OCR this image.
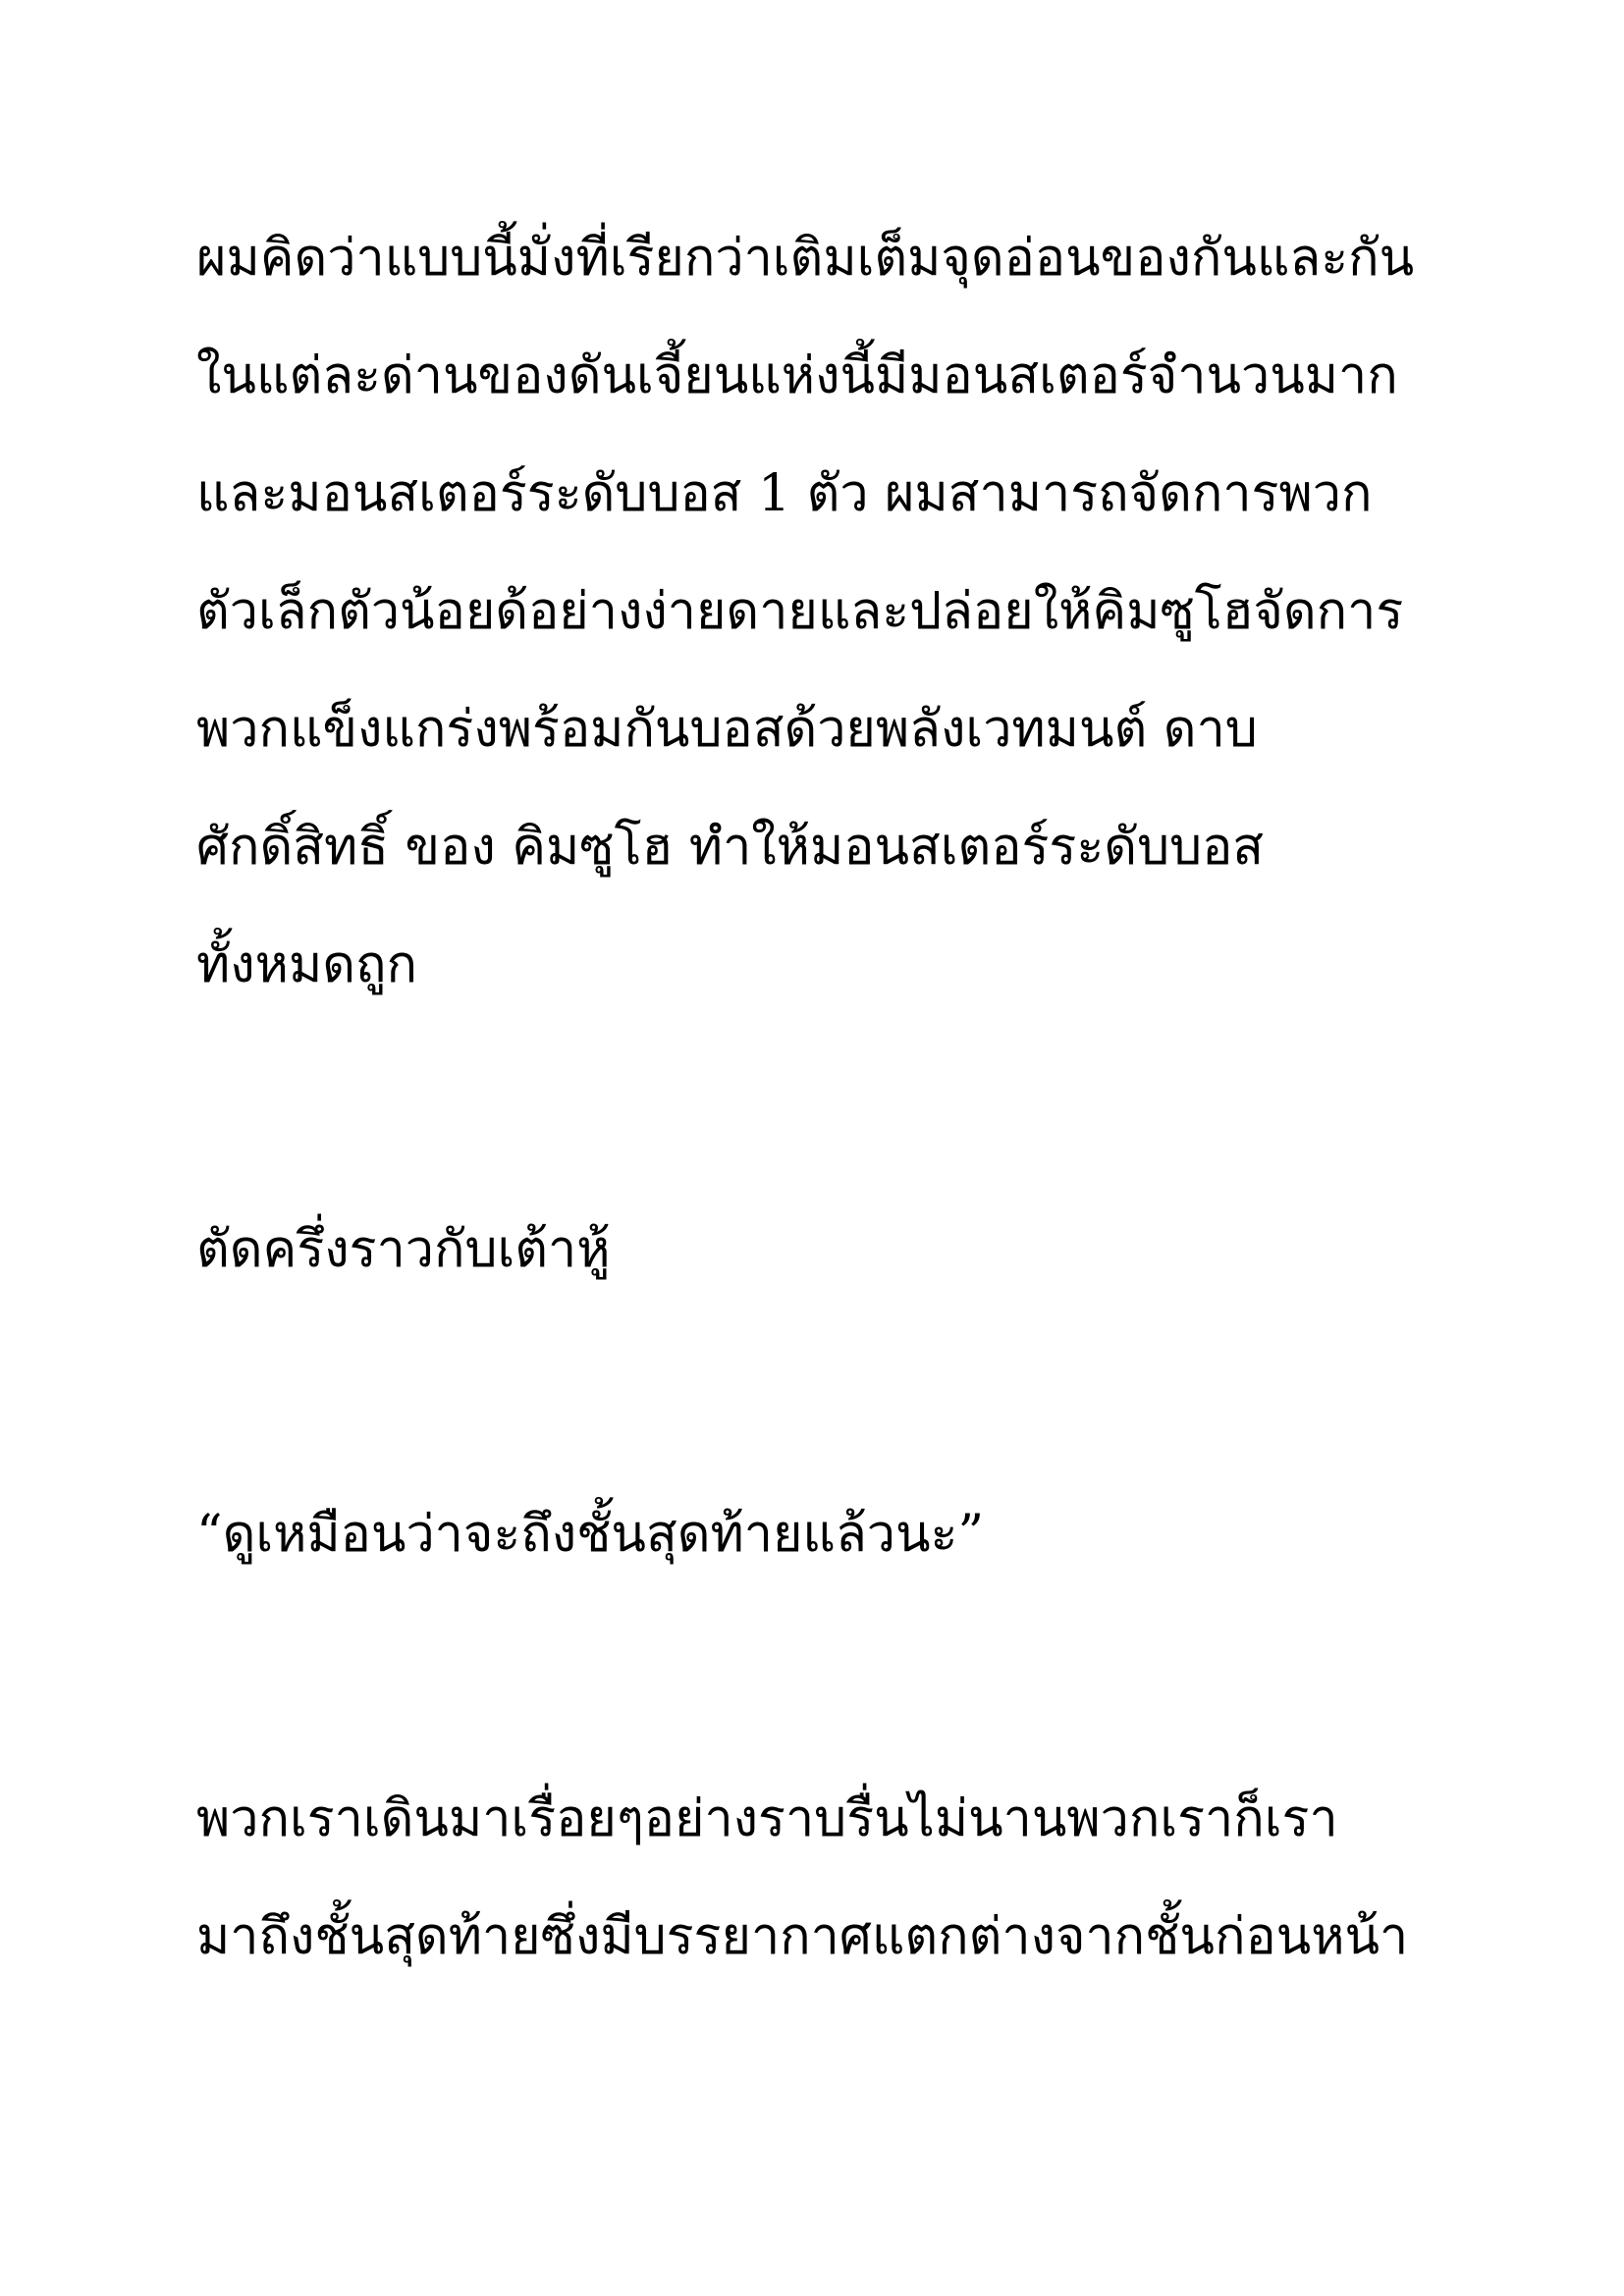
ผมคิดว่าแบบนี้มั่งที่เรียกว่าเติมเต็มจุดอ่อนของกันและกัน
ในแต่ละด่านของดันเจี้ยนแห่งนี้มีมอนสเตอร์จำนวนมาก
และมอนสเตอร์ระดับบอส 1 ตัว ผมสามารถจัดการพวก
ตัวเล็กตัวน้อยด้อย่างง่ายดายและปล่อยให้คิมซูโฮจัดการ
พวกแข็งแกร่งพร้อมกันบอสด้วยพลังเวทมนต์ ดาบ
ศักดิ์สิทธิ์ ของ คิมซูโฮ ทำให้มอนสเตอร์ระดับบอส
ทั้งหมดถูก
ตัดครึ่งราวกับเต้าหู้
“ดูเหมือนว่าจะถึงชั้นสุดท้ายแล้วนะ”
พวกเราเดินมาเรื่อยๆอย่างราบรื่นไม่นานพวกเราก็เรา
มาถึงชั้นสุดท้ายซึ่งมีบรรยากาศแตกต่างจากชั้นก่อนหน้า
